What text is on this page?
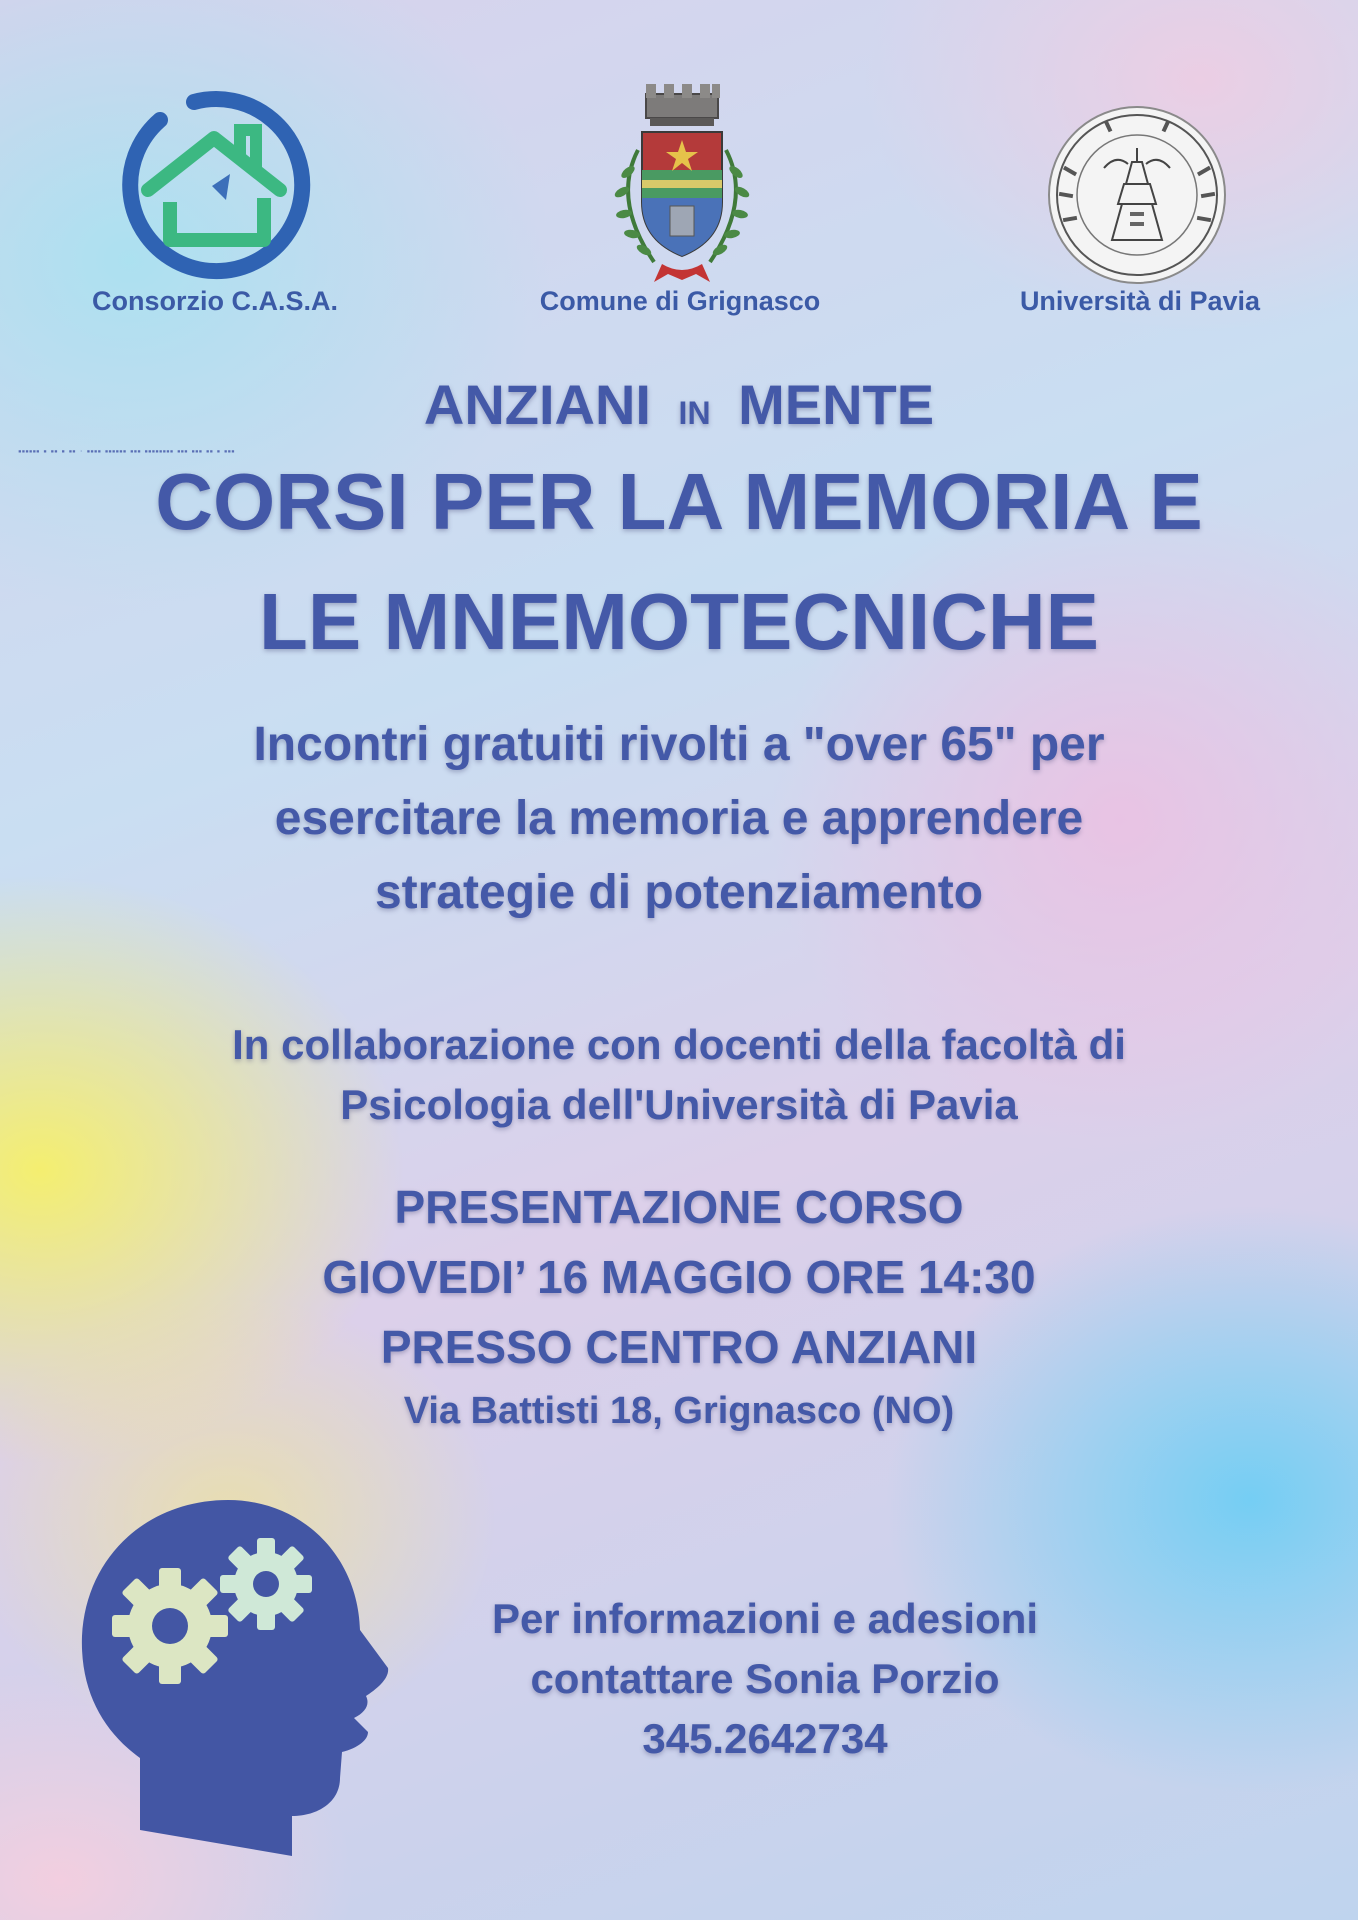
Consorzio C.A.S.A.	Comune di Grignasco	Università di Pavia
▪▪▪▪▪▪ ▪ ▪▪ ▪ ▪▪ · ▪▪▪▪ ▪▪▪▪▪▪ ▪▪▪ ▪▪▪▪▪▪▪▪ ▪▪▪ ▪▪▪ ▪▪ ▪ ▪▪▪
ANZIANI IN MENTE
CORSI PER LA MEMORIA E
LE MNEMOTECNICHE
Incontri gratuiti rivolti a "over 65" per
esercitare la memoria e apprendere
strategie di potenziamento
In collaborazione con docenti della facoltà di
Psicologia dell'Università di Pavia
PRESENTAZIONE CORSO
GIOVEDI’ 16 MAGGIO ORE 14:30
PRESSO CENTRO ANZIANI
Via Battisti 18, Grignasco (NO)
Per informazioni e adesioni
contattare Sonia Porzio
345.2642734
